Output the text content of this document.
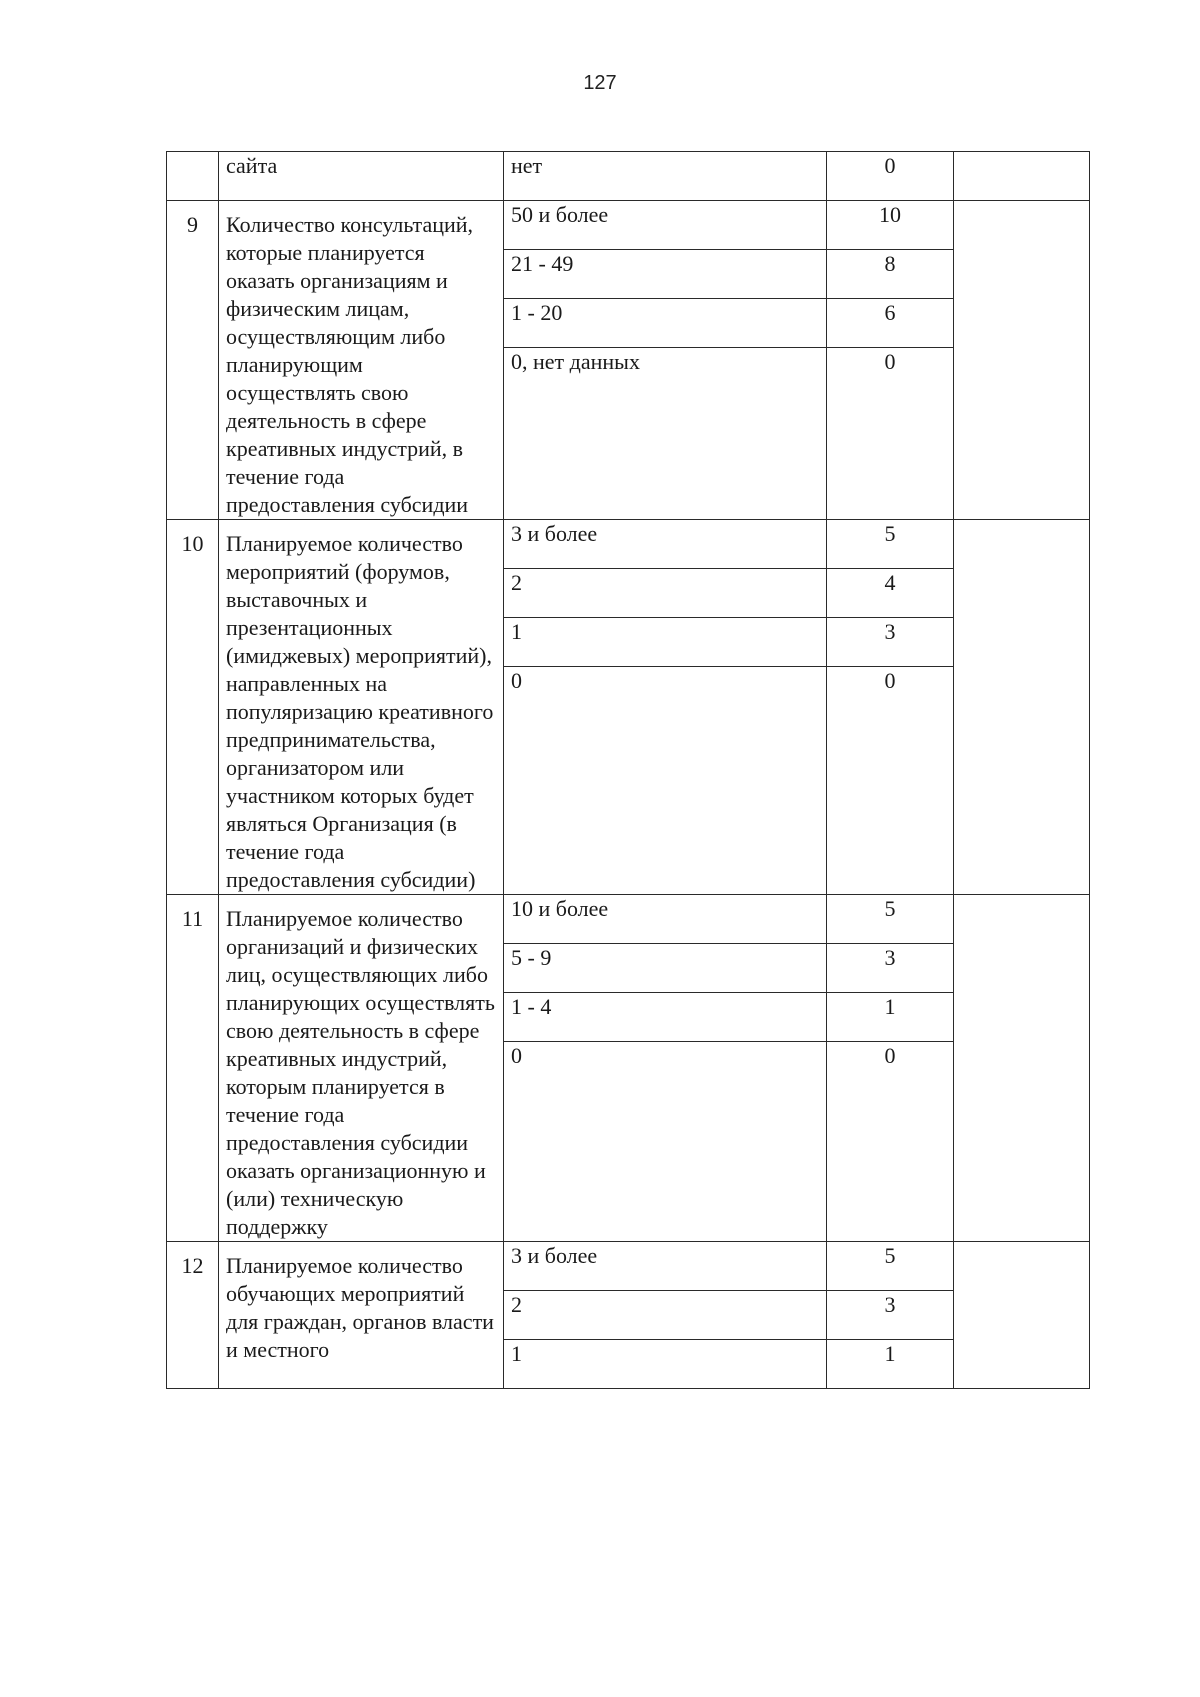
127
	сайта	нет	0	
9	Количество консультаций, которые планируется оказать организациям и физическим лицам, осуществляющим либо планирующим осуществлять свою деятельность в сфере креативных индустрий, в течение года предоставления субсидии	50 и более	10	
		21 - 49	8	
		1 - 20	6	
		0, нет данных	0	
10	Планируемое количество мероприятий (форумов, выставочных и презентационных (имиджевых) мероприятий), направленных на популяризацию креативного предпринимательства, организатором или участником которых будет являться Организация (в течение года предоставления субсидии)	3 и более	5	
		2	4	
		1	3	
		0	0	
11	Планируемое количество организаций и физических лиц, осуществляющих либо планирующих осуществлять свою деятельность в сфере креативных индустрий, которым планируется в течение года предоставления субсидии оказать организационную и (или) техническую поддержку	10 и более	5	
		5 - 9	3	
		1 - 4	1	
		0	0	
12	Планируемое количество обучающих мероприятий для граждан, органов власти и местного	3 и более	5	
		2	3	
		1	1	
